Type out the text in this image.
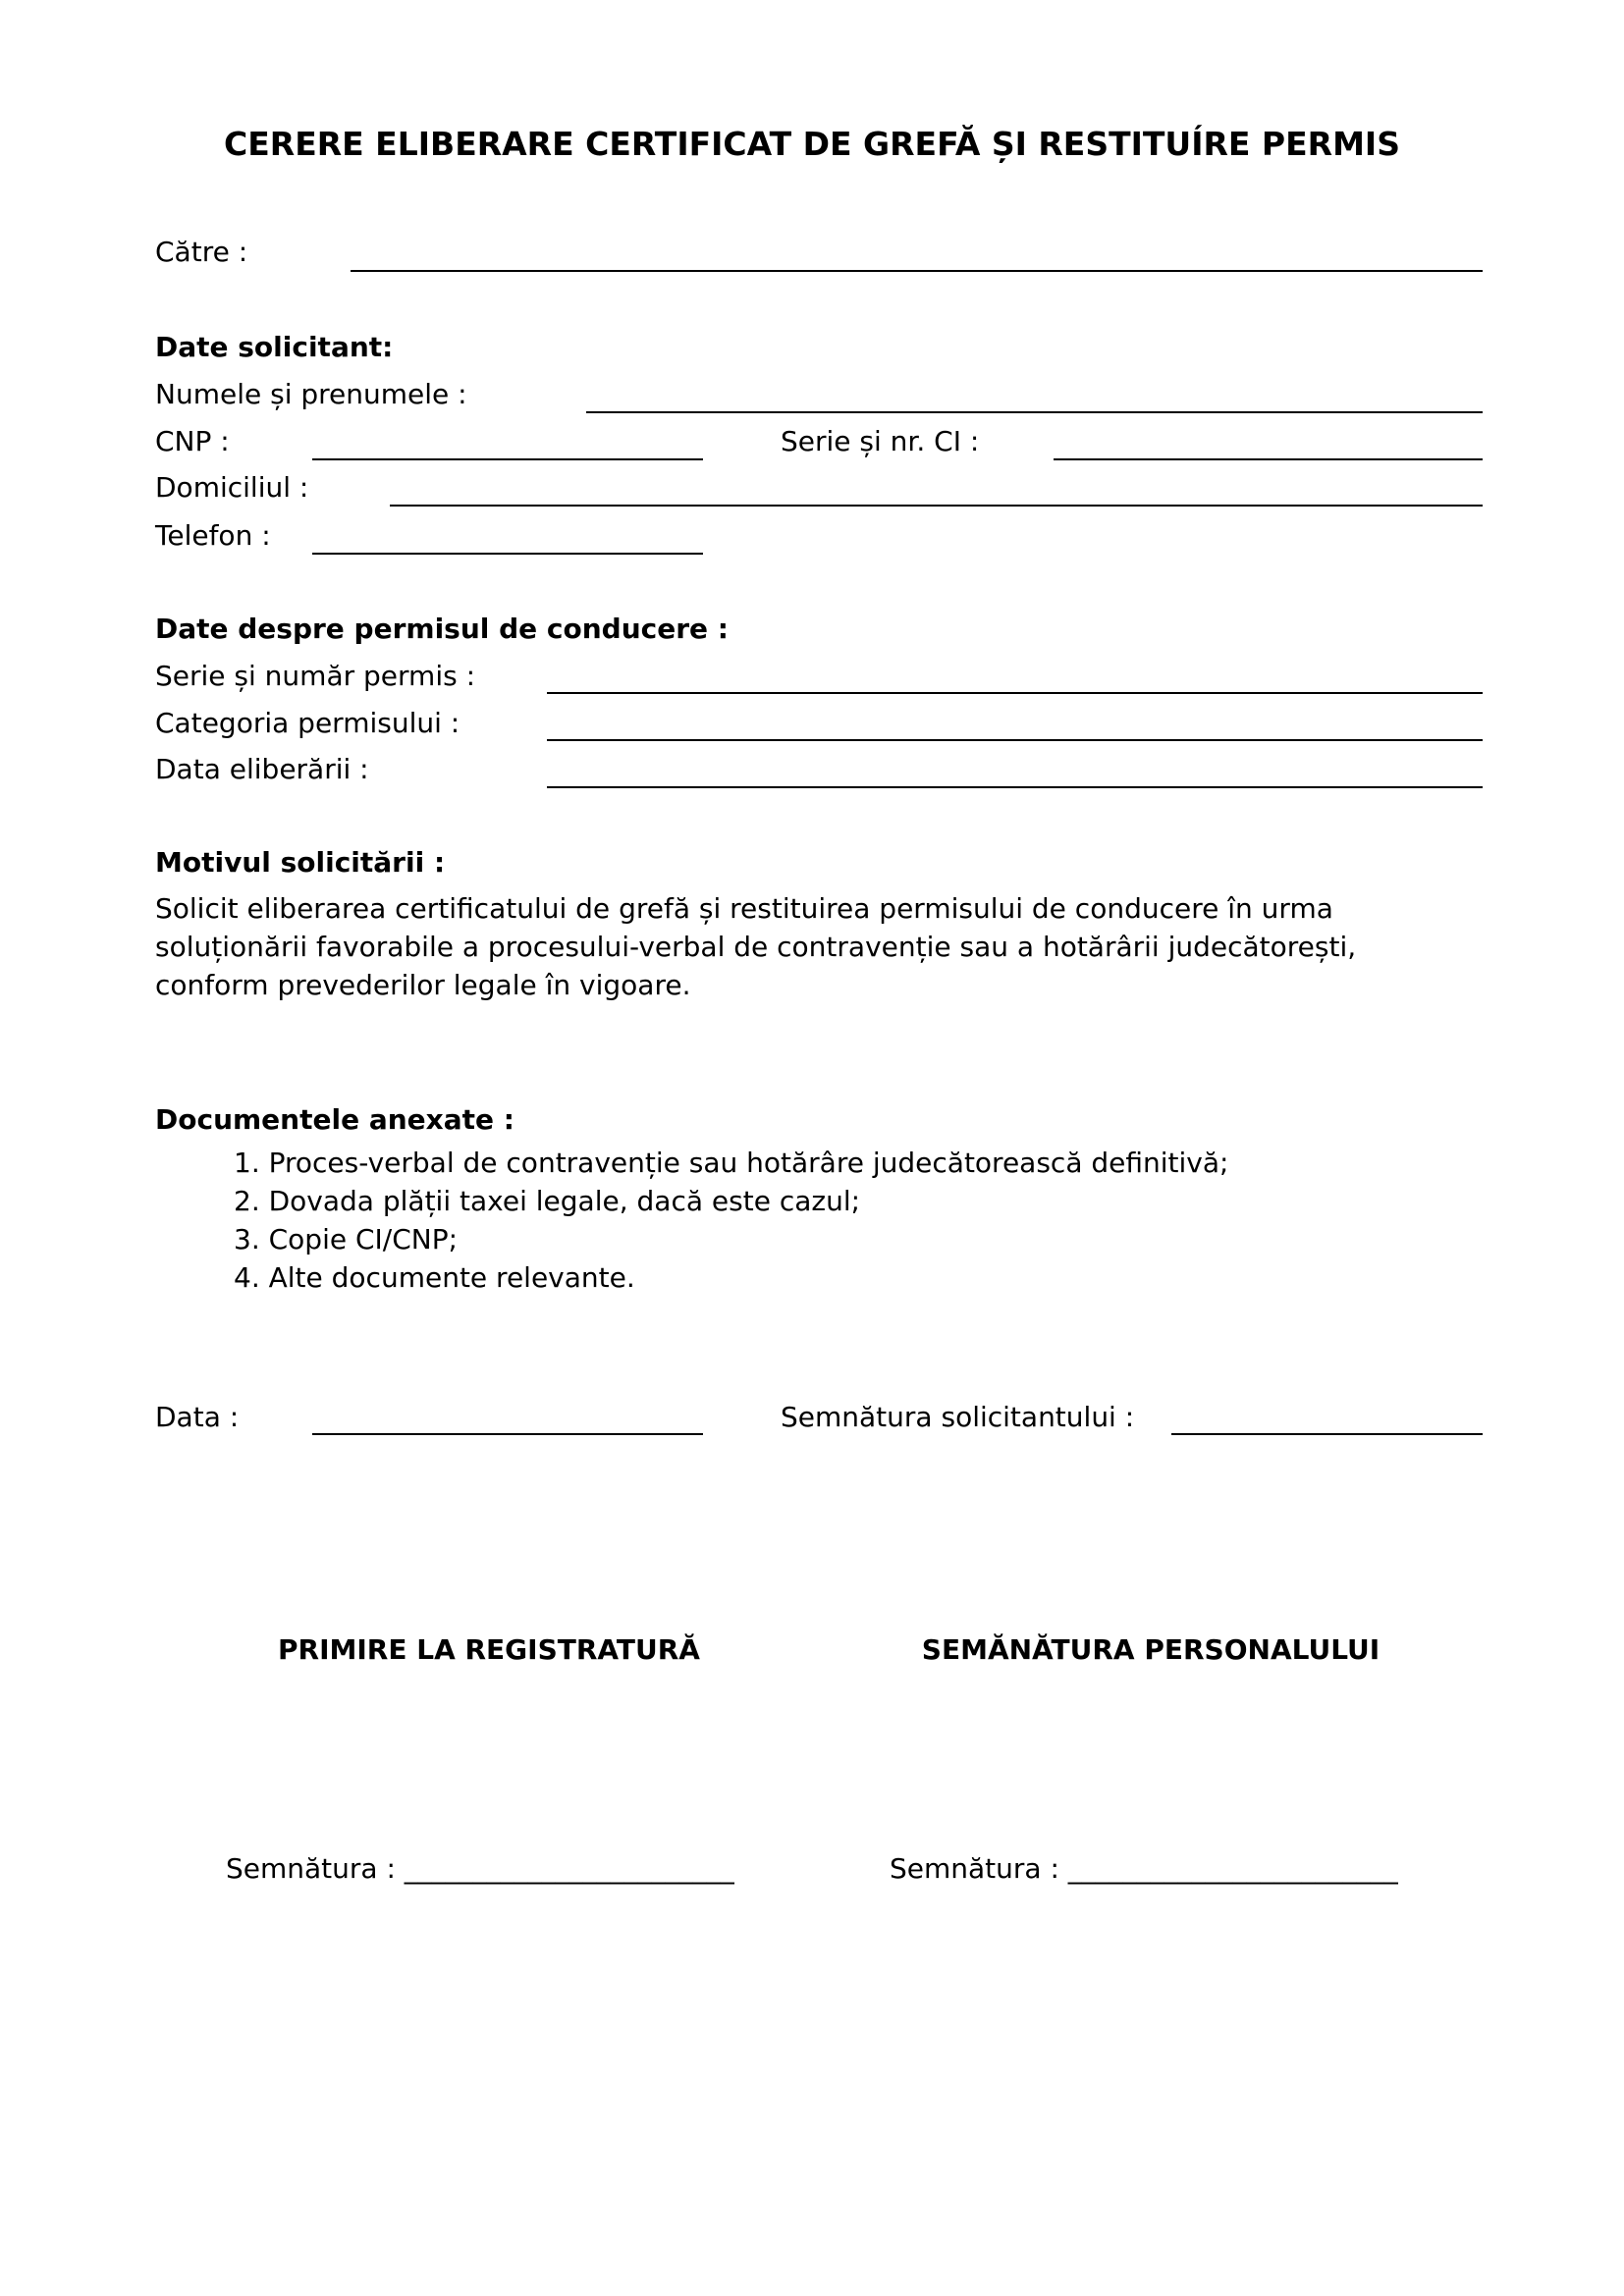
CERERE ELIBERARE CERTIFICAT DE GREFĂ ȘI RESTITUÍRE PERMIS
Către :
Date solicitant:
Numele și prenumele :
CNP :	Serie și nr. CI :
Domiciliul :
Telefon :
Date despre permisul de conducere :
Serie și număr permis :
Categoria permisului :
Data eliberării :
Motivul solicitării :
Solicit eliberarea certificatului de grefă și restituirea permisului de conducere în urma
soluționării favorabile a procesului-verbal de contravenție sau a hotărârii judecătorești,
conform prevederilor legale în vigoare.
Documentele anexate :
1. Proces-verbal de contravenție sau hotărâre judecătorească definitivă;
2. Dovada plății taxei legale, dacă este cazul;
3. Copie CI/CNP;
4. Alte documente relevante.
Data :	Semnătura solicitantului :
PRIMIRE LA REGISTRATURĂ	SEMĂNĂTURA PERSONALULUI
Semnătura : ________________________	Semnătura : ________________________
